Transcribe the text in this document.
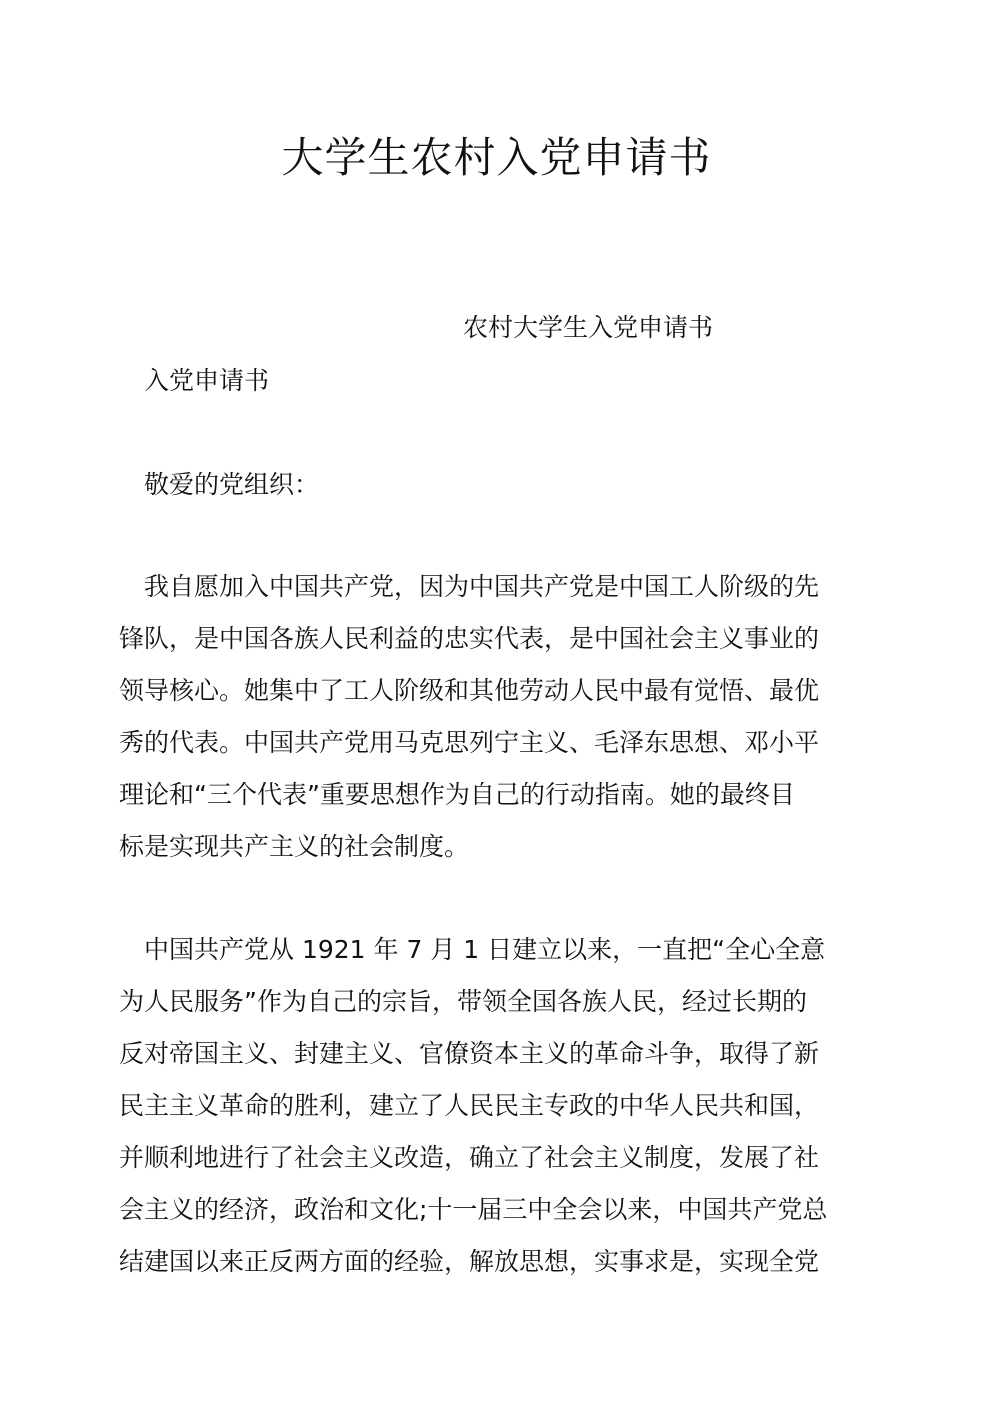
大学生农村入党申请书
农村大学生入党申请书
入党申请书
敬爱的党组织：
我自愿加入中国共产党，因为中国共产党是中国工人阶级的先
锋队，是中国各族人民利益的忠实代表，是中国社会主义事业的
领导核心。她集中了工人阶级和其他劳动人民中最有觉悟、最优
秀的代表。中国共产党用马克思列宁主义、毛泽东思想、邓小平
理论和“三个代表”重要思想作为自己的行动指南。她的最终目
标是实现共产主义的社会制度。
中国共产党从 1921 年 7 月 1 日建立以来，一直把“全心全意
为人民服务”作为自己的宗旨，带领全国各族人民，经过长期的
反对帝国主义、封建主义、官僚资本主义的革命斗争，取得了新
民主主义革命的胜利，建立了人民民主专政的中华人民共和国，
并顺利地进行了社会主义改造，确立了社会主义制度，发展了社
会主义的经济，政治和文化;十一届三中全会以来，中国共产党总
结建国以来正反两方面的经验，解放思想，实事求是，实现全党
